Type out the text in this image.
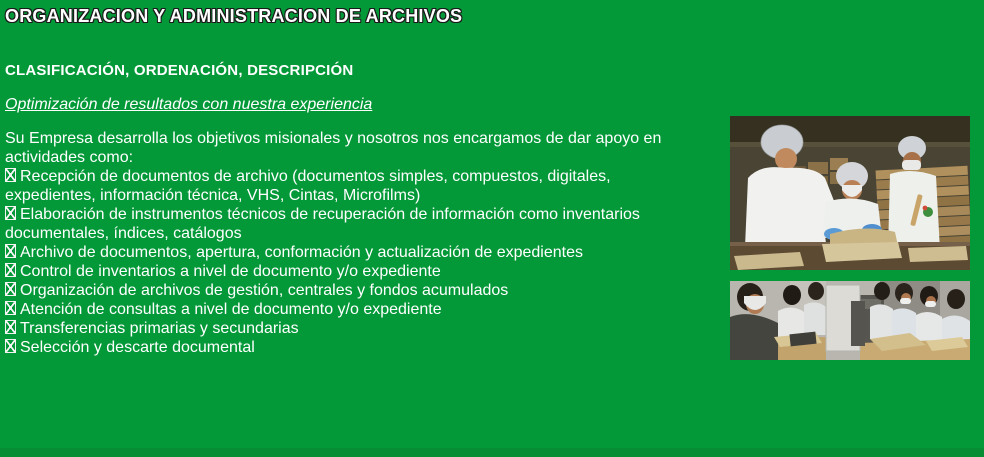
ORGANIZACION Y ADMINISTRACION DE ARCHIVOS
CLASIFICACIÓN, ORDENACIÓN, DESCRIPCIÓN
Optimización de resultados con nuestra experiencia

Su Empresa desarrolla los objetivos misionales y nosotros nos encargamos de dar apoyo en actividades como:

Recepción de documentos de archivo (documentos simples, compuestos, digitales, expedientes, información técnica, VHS, Cintas, Microfilms)
Elaboración de instrumentos técnicos de recuperación de información como inventarios documentales, índices, catálogos
Archivo de documentos, apertura, conformación y actualización de expedientes
Control de inventarios a nivel de documento y/o expediente
Organización de archivos de gestión, centrales y fondos acumulados
Atención de consultas a nivel de documento y/o expediente
Transferencias primarias y secundarias
Selección y descarte documental
